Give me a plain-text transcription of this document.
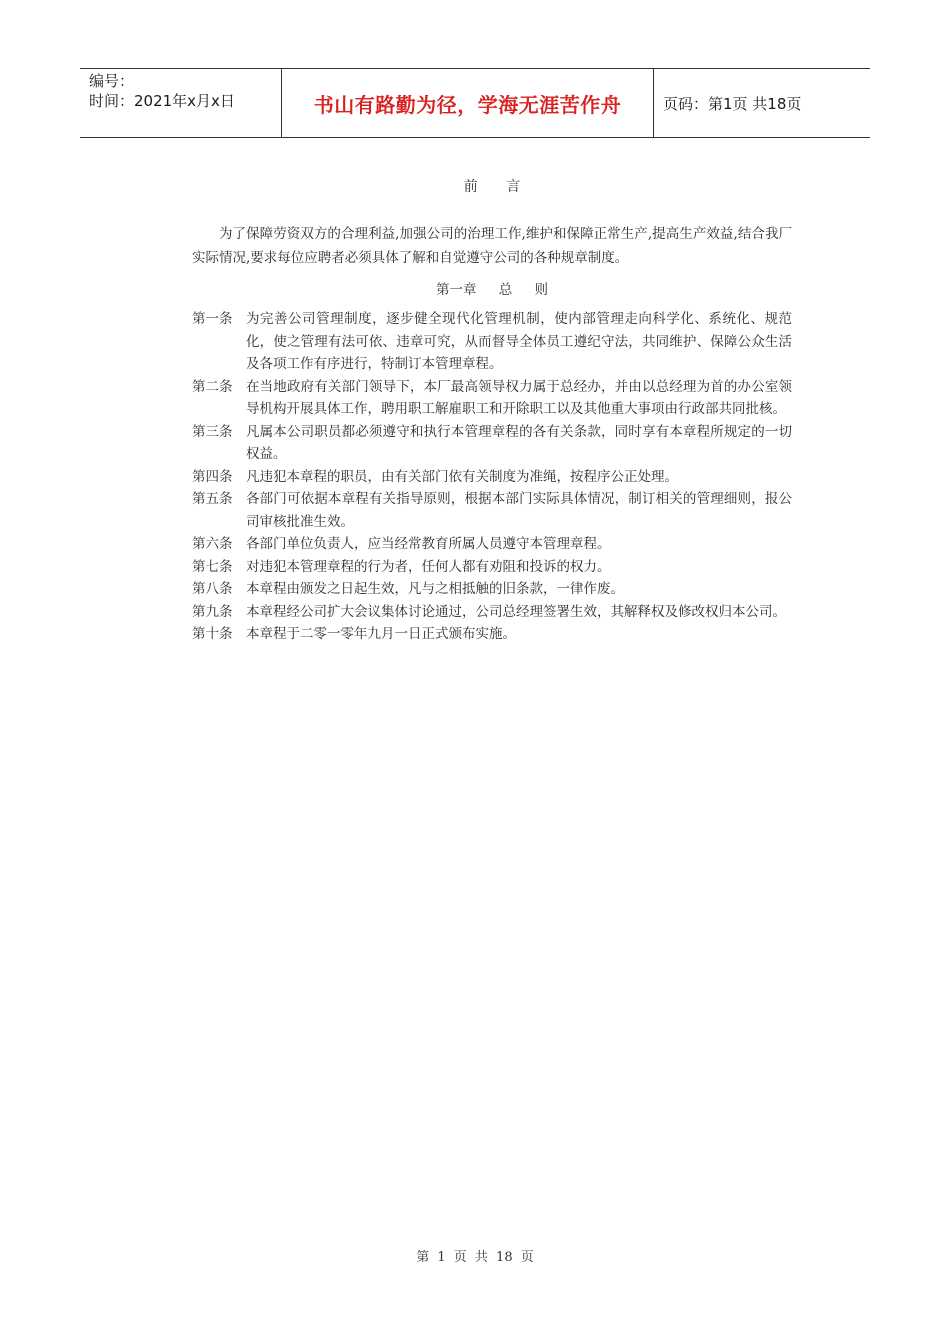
编号：
时间：2021年x月x日	书山有路勤为径，学海无涯苦作舟	页码：第1页 共18页
前 言

为了保障劳资双方的合理利益,加强公司的治理工作,维护和保障正常生产,提高生产效益,结合我厂实际情况,要求每位应聘者必须具体了解和自觉遵守公司的各种规章制度。

第一章 总 则
第一条	为完善公司管理制度，逐步健全现代化管理机制，使内部管理走向科学化、系统化、规范化，使之管理有法可依、违章可究，从而督导全体员工遵纪守法，共同维护、保障公众生活及各项工作有序进行，特制订本管理章程。
第二条	在当地政府有关部门领导下，本厂最高领导权力属于总经办，并由以总经理为首的办公室领导机构开展具体工作，聘用职工解雇职工和开除职工以及其他重大事项由行政部共同批核。
第三条	凡属本公司职员都必须遵守和执行本管理章程的各有关条款，同时享有本章程所规定的一切权益。
第四条	凡违犯本章程的职员，由有关部门依有关制度为准绳，按程序公正处理。
第五条	各部门可依据本章程有关指导原则，根据本部门实际具体情况，制订相关的管理细则，报公司审核批准生效。
第六条	各部门单位负责人，应当经常教育所属人员遵守本管理章程。
第七条	对违犯本管理章程的行为者，任何人都有劝阻和投诉的权力。
第八条	本章程由颁发之日起生效，凡与之相抵触的旧条款，一律作废。
第九条	本章程经公司扩大会议集体讨论通过，公司总经理签署生效，其解释权及修改权归本公司。
第十条	本章程于二零一零年九月一日正式颁布实施。
第 1 页 共 18 页
